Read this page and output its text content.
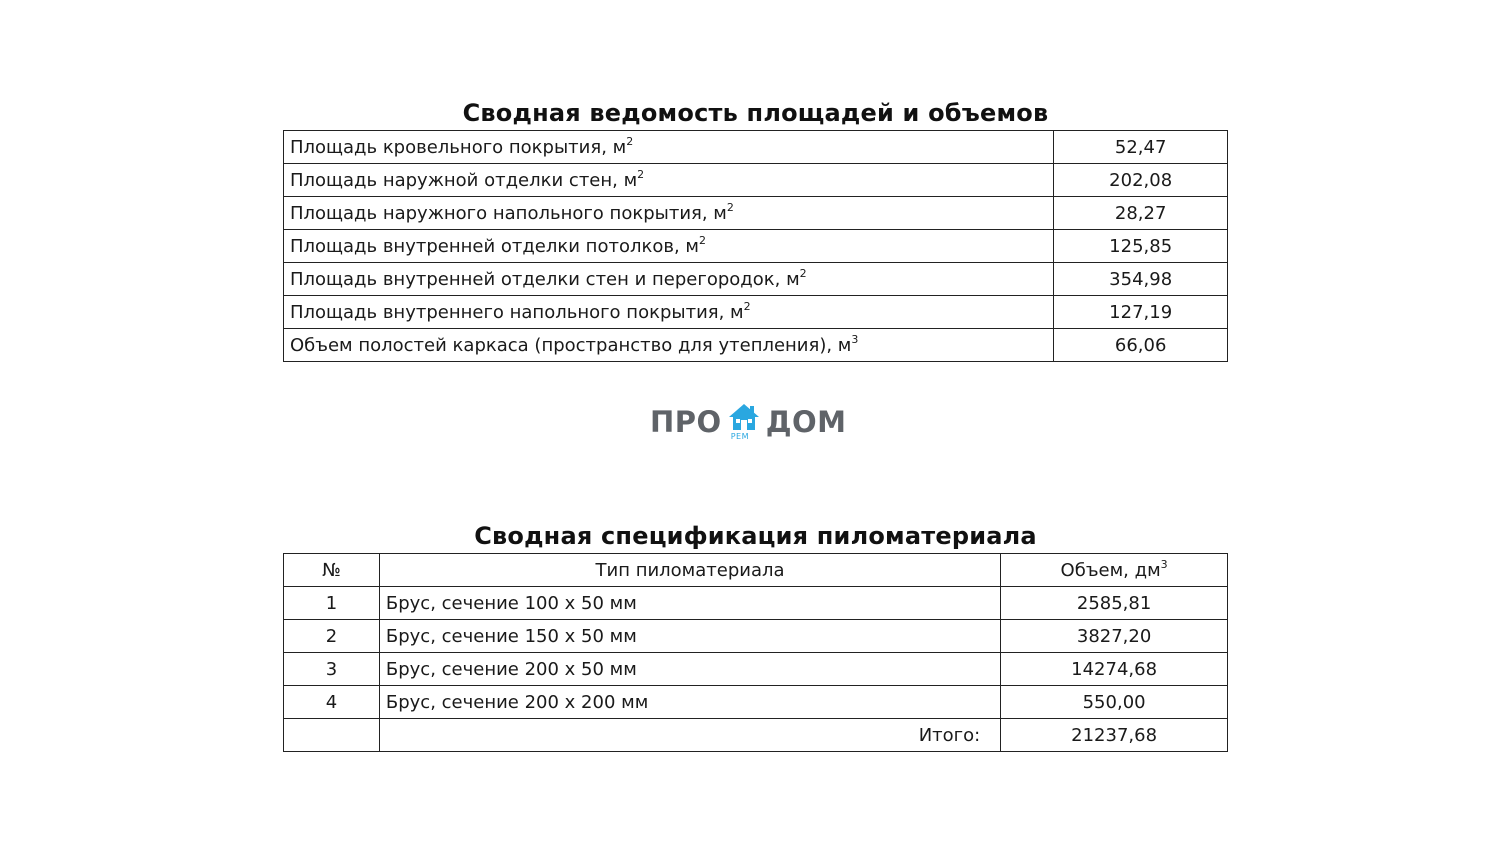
Сводная ведомость площадей и объемов
Площадь кровельного покрытия, $м^2$	52,47
Площадь наружной отделки стен, $м^2$	202,08
Площадь наружного напольного покрытия, $м^2$	28,27
Площадь внутренней отделки потолков, $м^2$	125,85
Площадь внутренней отделки стен и перегородок, $м^2$	354,98
Площадь внутреннего напольного покрытия, $м^2$	127,19
Объем полостей каркаса (пространство для утепления), $м^3$	66,06
ПРО РЕМ ДОМ
Сводная спецификация пиломатериала
№	Тип пиломатериала	Объем, $дм^3$
1	Брус, сечение 100 х 50 мм	2585,81
2	Брус, сечение 150 х 50 мм	3827,20
3	Брус, сечение 200 х 50 мм	14274,68
4	Брус, сечение 200 х 200 мм	550,00
	Итого:	21237,68
